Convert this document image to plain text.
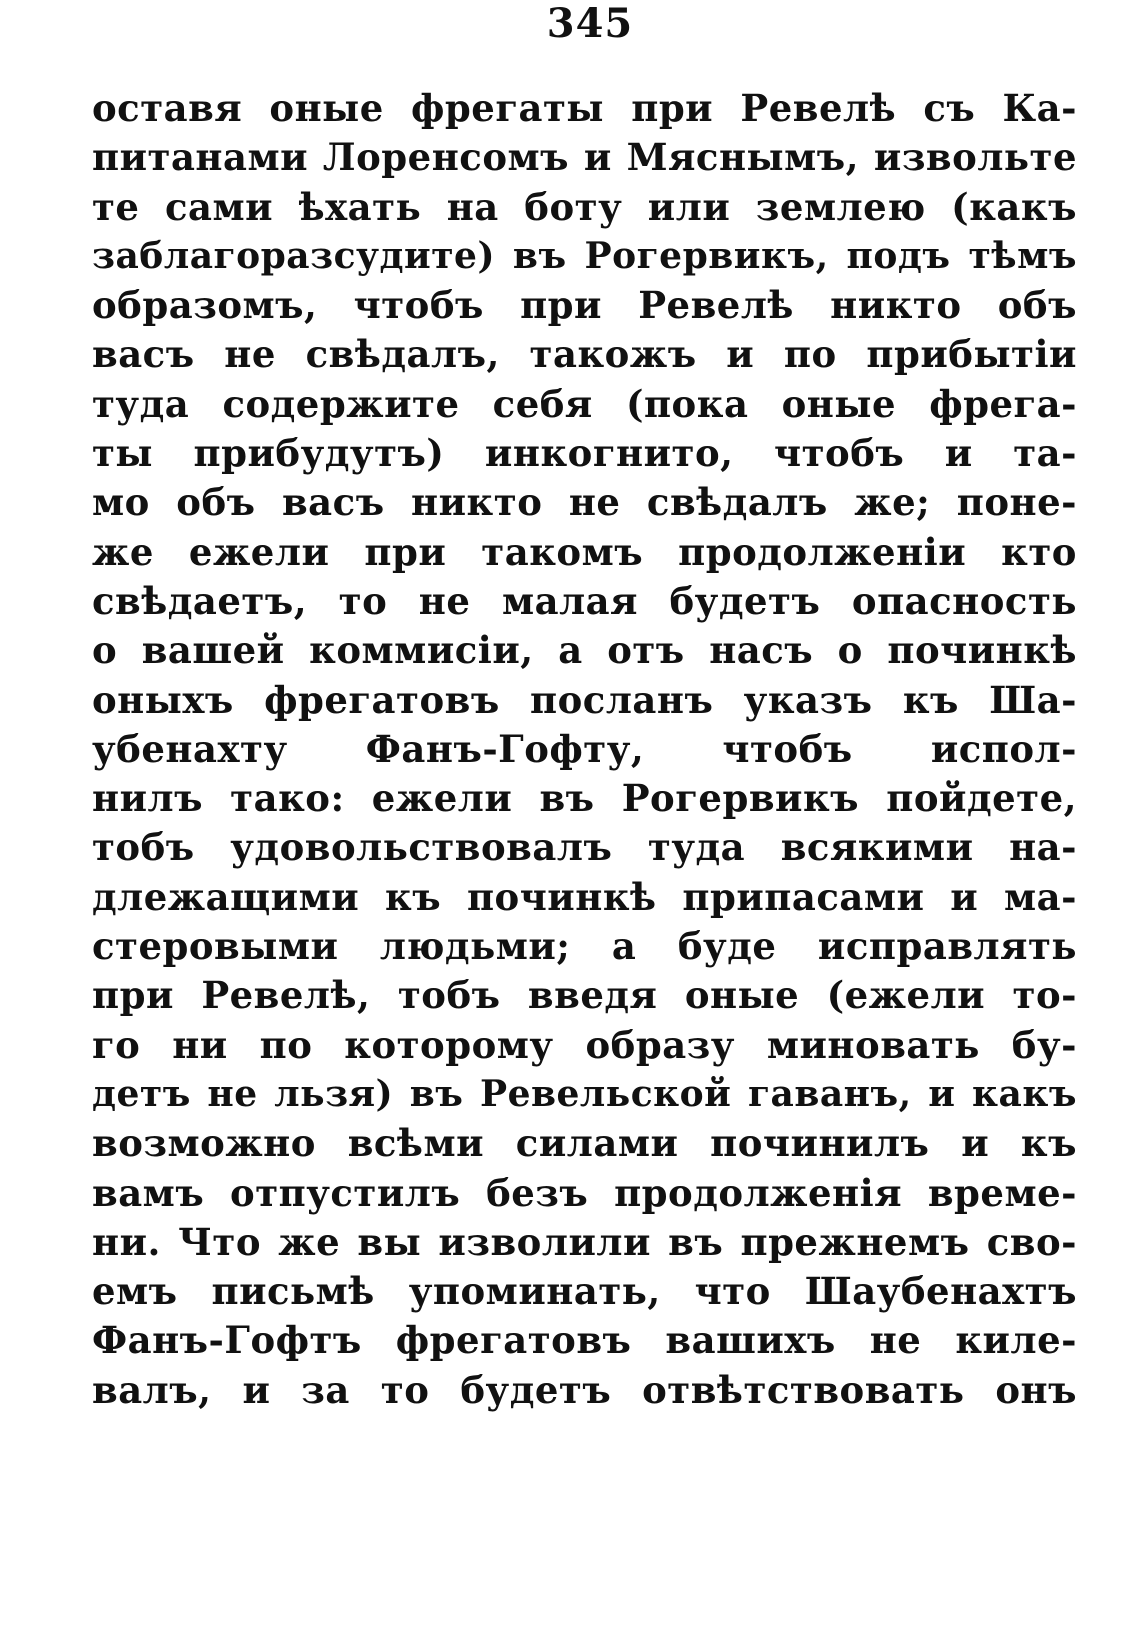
345
оставя оные фрегаты при Ревелѣ съ Ка-
питанами Лоренсомъ и Мяснымъ, извольте
те сами ѣхать на боту или землею (какъ
заблагоразсудите) въ Рогервикъ, подъ тѣмъ
образомъ, чтобъ при Ревелѣ никто объ
васъ не свѣдалъ, такожъ и по прибытіи
туда содержите себя (пока оные фрега-
ты прибудутъ) инкогнито, чтобъ и та-
мо объ васъ никто не свѣдалъ же; поне-
же ежели при такомъ продолженіи кто
свѣдаетъ, то не малая будетъ опасность
о вашей коммисіи, а отъ насъ о починкѣ
оныхъ фрегатовъ посланъ указъ къ Ша-
убенахту Фанъ-Гофту, чтобъ испол-
нилъ тако: ежели въ Рогервикъ пойдете,
тобъ удовольствовалъ туда всякими на-
длежащими къ починкѣ припасами и ма-
стеровыми людьми; а буде исправлять
при Ревелѣ, тобъ введя оные (ежели то-
го ни по которому образу миновать бу-
детъ не льзя) въ Ревельской гаванъ, и какъ
возможно всѣми силами починилъ и къ
вамъ отпустилъ безъ продолженія време-
ни. Что же вы изволили въ прежнемъ сво-
емъ письмѣ упоминать, что Шаубенахтъ
Фанъ-Гофтъ фрегатовъ вашихъ не киле-
валъ, и за то будетъ отвѣтствовать онъ
